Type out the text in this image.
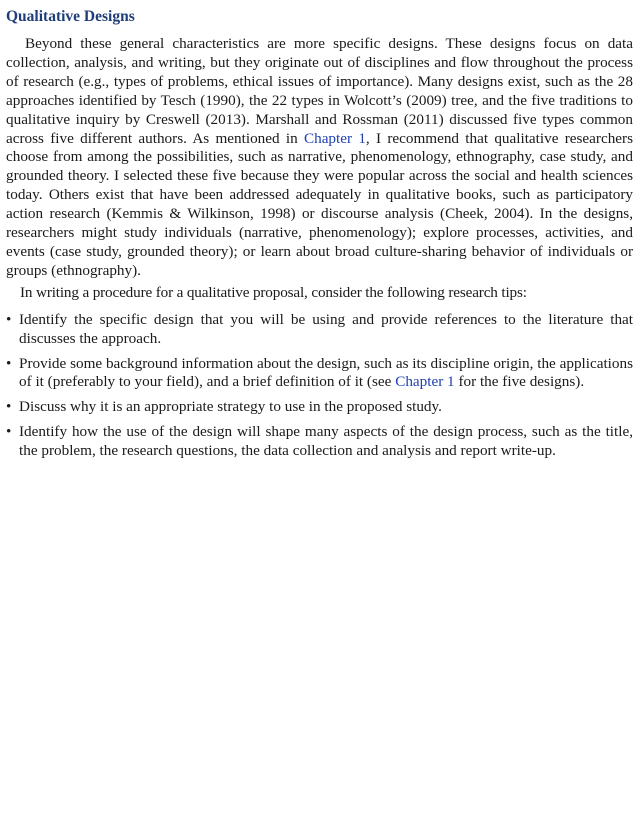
Qualitative Designs

Beyond these general characteristics are more specific designs. These designs focus on data collection, analysis, and writing, but they originate out of disciplines and flow throughout the process of research (e.g., types of problems, ethical issues of importance). Many designs exist, such as the 28 approaches identified by Tesch (1990), the 22 types in Wolcott’s (2009) tree, and the five traditions to qualitative inquiry by Creswell (2013). Marshall and Rossman (2011) discussed five types common across five different authors. As mentioned in Chapter 1, I recommend that qualitative researchers choose from among the possibilities, such as narrative, phenomenology, ethnography, case study, and grounded theory. I selected these five because they were popular across the social and health sciences today. Others exist that have been addressed adequately in qualitative books, such as participatory action research (Kemmis & Wilkinson, 1998) or discourse analysis (Cheek, 2004). In the designs, researchers might study individuals (narrative, phenomenology); explore processes, activities, and events (case study, grounded theory); or learn about broad culture-sharing behavior of individuals or groups (ethnography).

In writing a procedure for a qualitative proposal, consider the following research tips:

• Identify the specific design that you will be using and provide references to the literature that discusses the approach.
• Provide some background information about the design, such as its discipline origin, the applications of it (preferably to your field), and a brief definition of it (see Chapter 1 for the five designs).
• Discuss why it is an appropriate strategy to use in the proposed study.
• Identify how the use of the design will shape many aspects of the design process, such as the title, the problem, the research questions, the data collection and analysis and report write-up.
